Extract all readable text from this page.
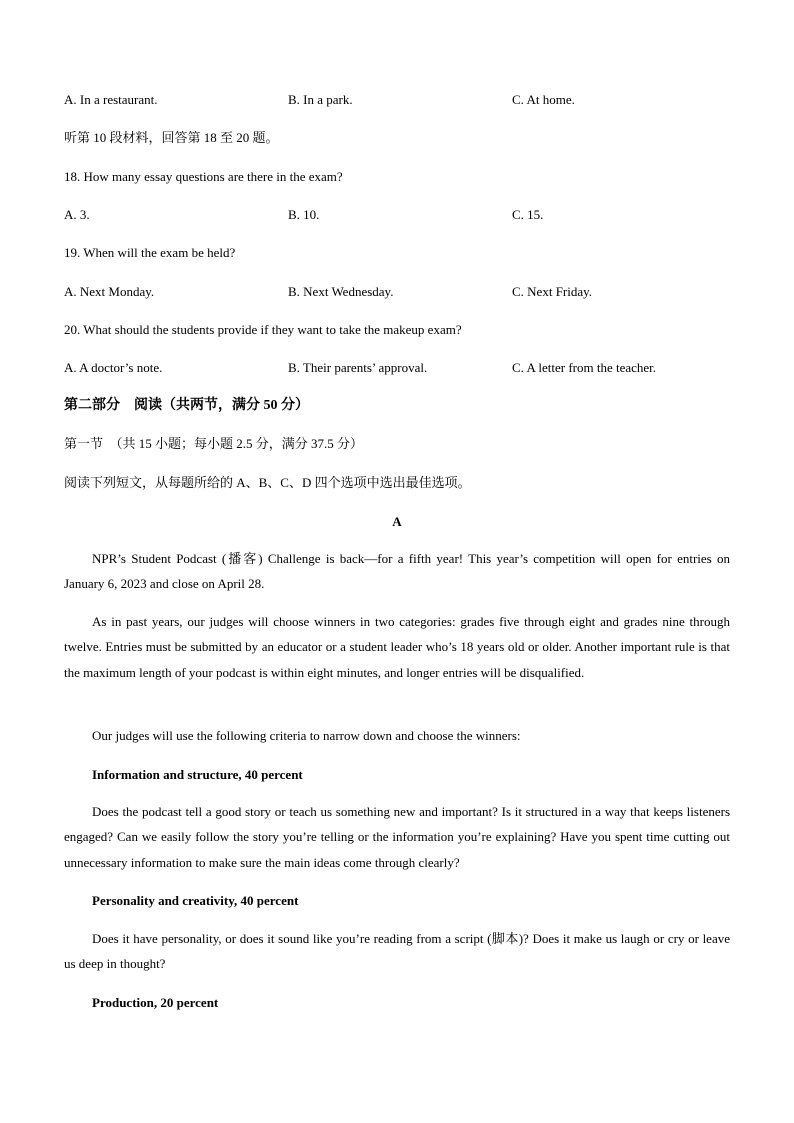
A. In a restaurant.	B. In a park.	C. At home.
听第 10 段材料，回答第 18 至 20 题。
18. How many essay questions are there in the exam?
A. 3.	B. 10.	C. 15.
19. When will the exam be held?
A. Next Monday.	B. Next Wednesday.	C. Next Friday.
20. What should the students provide if they want to take the makeup exam?
A. A doctor’s note.	B. Their parents’ approval.	C. A letter from the teacher.
第二部分　阅读（共两节，满分 50 分）
第一节　（共 15 小题；每小题 2.5 分，满分 37.5 分）
阅读下列短文，从每题所给的 A、B、C、D 四个选项中选出最佳选项。
A
NPR’s Student Podcast (播客) Challenge is back—for a fifth year! This year’s competition will open for entries on January 6, 2023 and close on April 28.
As in past years, our judges will choose winners in two categories: grades five through eight and grades nine through twelve. Entries must be submitted by an educator or a student leader who’s 18 years old or older. Another important rule is that the maximum length of your podcast is within eight minutes, and longer entries will be disqualified.
Our judges will use the following criteria to narrow down and choose the winners:
Information and structure, 40 percent
Does the podcast tell a good story or teach us something new and important? Is it structured in a way that keeps listeners engaged? Can we easily follow the story you’re telling or the information you’re explaining? Have you spent time cutting out unnecessary information to make sure the main ideas come through clearly?
Personality and creativity, 40 percent
Does it have personality, or does it sound like you’re reading from a script (脚本)? Does it make us laugh or cry or leave us deep in thought?
Production, 20 percent
